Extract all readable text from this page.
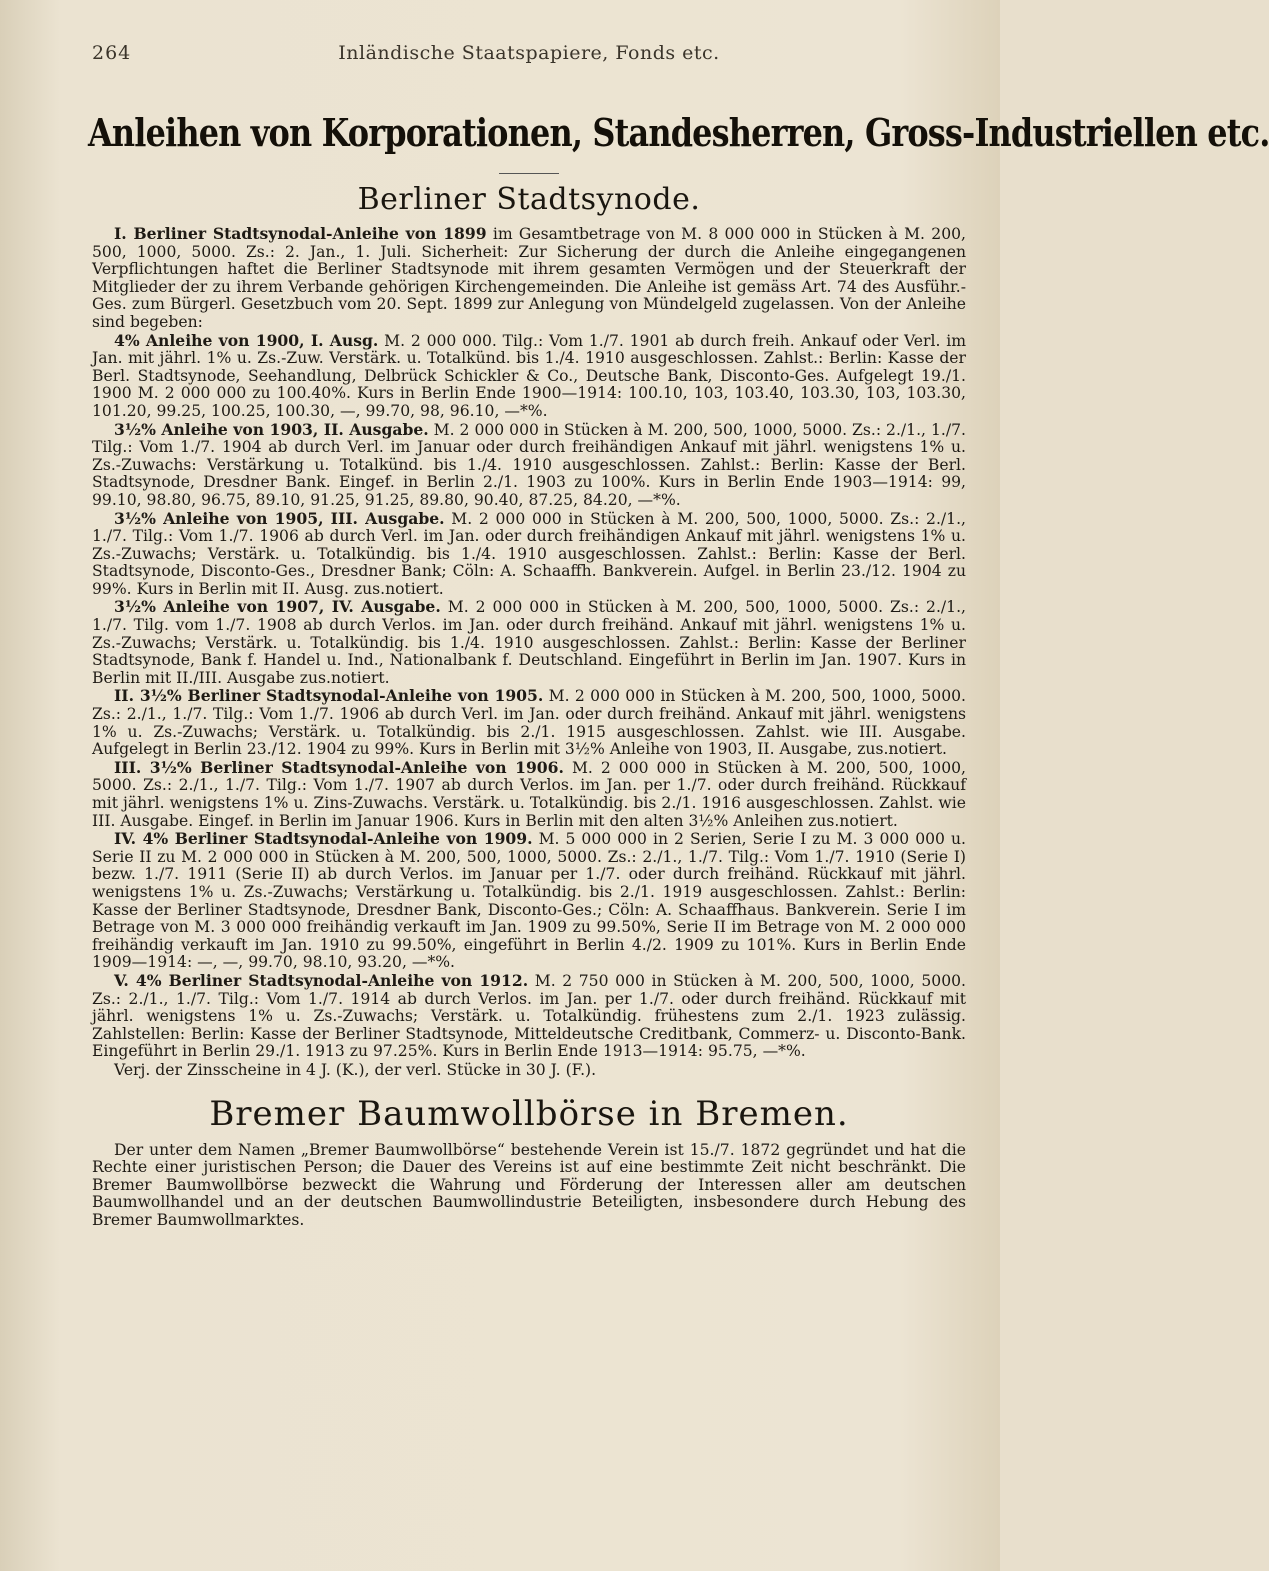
264	Inländische Staatspapiere, Fonds etc.
Anleihen von Korporationen, Standesherren, Gross-Industriellen etc.
Berliner Stadtsynode.

I. Berliner Stadtsynodal-Anleihe von 1899 im Gesamtbetrage von M. 8 000 000 in Stücken à M. 200, 500, 1000, 5000. Zs.: 2. Jan., 1. Juli. Sicherheit: Zur Sicherung der durch die Anleihe eingegangenen Verpflichtungen haftet die Berliner Stadtsynode mit ihrem gesamten Vermögen und der Steuerkraft der Mitglieder der zu ihrem Verbande gehörigen Kirchengemeinden. Die Anleihe ist gemäss Art. 74 des Ausführ.-Ges. zum Bürgerl. Gesetzbuch vom 20. Sept. 1899 zur Anlegung von Mündelgeld zugelassen. Von der Anleihe sind begeben:

4% Anleihe von 1900, I. Ausg. M. 2 000 000. Tilg.: Vom 1./7. 1901 ab durch freih. Ankauf oder Verl. im Jan. mit jährl. 1% u. Zs.-Zuw. Verstärk. u. Totalkünd. bis 1./4. 1910 ausgeschlossen. Zahlst.: Berlin: Kasse der Berl. Stadtsynode, Seehandlung, Delbrück Schickler & Co., Deutsche Bank, Disconto-Ges. Aufgelegt 19./1. 1900 M. 2 000 000 zu 100.40%. Kurs in Berlin Ende 1900—1914: 100.10, 103, 103.40, 103.30, 103, 103.30, 101.20, 99.25, 100.25, 100.30, —, 99.70, 98, 96.10, —*%.

3½% Anleihe von 1903, II. Ausgabe. M. 2 000 000 in Stücken à M. 200, 500, 1000, 5000. Zs.: 2./1., 1./7. Tilg.: Vom 1./7. 1904 ab durch Verl. im Januar oder durch freihändigen Ankauf mit jährl. wenigstens 1% u. Zs.-Zuwachs: Verstärkung u. Totalkünd. bis 1./4. 1910 ausgeschlossen. Zahlst.: Berlin: Kasse der Berl. Stadtsynode, Dresdner Bank. Eingef. in Berlin 2./1. 1903 zu 100%. Kurs in Berlin Ende 1903—1914: 99, 99.10, 98.80, 96.75, 89.10, 91.25, 91.25, 89.80, 90.40, 87.25, 84.20, —*%.

3½% Anleihe von 1905, III. Ausgabe. M. 2 000 000 in Stücken à M. 200, 500, 1000, 5000. Zs.: 2./1., 1./7. Tilg.: Vom 1./7. 1906 ab durch Verl. im Jan. oder durch freihändigen Ankauf mit jährl. wenigstens 1% u. Zs.-Zuwachs; Verstärk. u. Totalkündig. bis 1./4. 1910 ausgeschlossen. Zahlst.: Berlin: Kasse der Berl. Stadtsynode, Disconto-Ges., Dresdner Bank; Cöln: A. Schaaffh. Bankverein. Aufgel. in Berlin 23./12. 1904 zu 99%. Kurs in Berlin mit II. Ausg. zus.notiert.

3½% Anleihe von 1907, IV. Ausgabe. M. 2 000 000 in Stücken à M. 200, 500, 1000, 5000. Zs.: 2./1., 1./7. Tilg. vom 1./7. 1908 ab durch Verlos. im Jan. oder durch freihänd. Ankauf mit jährl. wenigstens 1% u. Zs.-Zuwachs; Verstärk. u. Totalkündig. bis 1./4. 1910 ausgeschlossen. Zahlst.: Berlin: Kasse der Berliner Stadtsynode, Bank f. Handel u. Ind., Nationalbank f. Deutschland. Eingeführt in Berlin im Jan. 1907. Kurs in Berlin mit II./III. Ausgabe zus.notiert.

II. 3½% Berliner Stadtsynodal-Anleihe von 1905. M. 2 000 000 in Stücken à M. 200, 500, 1000, 5000. Zs.: 2./1., 1./7. Tilg.: Vom 1./7. 1906 ab durch Verl. im Jan. oder durch freihänd. Ankauf mit jährl. wenigstens 1% u. Zs.-Zuwachs; Verstärk. u. Totalkündig. bis 2./1. 1915 ausgeschlossen. Zahlst. wie III. Ausgabe. Aufgelegt in Berlin 23./12. 1904 zu 99%. Kurs in Berlin mit 3½% Anleihe von 1903, II. Ausgabe, zus.notiert.

III. 3½% Berliner Stadtsynodal-Anleihe von 1906. M. 2 000 000 in Stücken à M. 200, 500, 1000, 5000. Zs.: 2./1., 1./7. Tilg.: Vom 1./7. 1907 ab durch Verlos. im Jan. per 1./7. oder durch freihänd. Rückkauf mit jährl. wenigstens 1% u. Zins-Zuwachs. Verstärk. u. Totalkündig. bis 2./1. 1916 ausgeschlossen. Zahlst. wie III. Ausgabe. Eingef. in Berlin im Januar 1906. Kurs in Berlin mit den alten 3½% Anleihen zus.notiert.

IV. 4% Berliner Stadtsynodal-Anleihe von 1909. M. 5 000 000 in 2 Serien, Serie I zu M. 3 000 000 u. Serie II zu M. 2 000 000 in Stücken à M. 200, 500, 1000, 5000. Zs.: 2./1., 1./7. Tilg.: Vom 1./7. 1910 (Serie I) bezw. 1./7. 1911 (Serie II) ab durch Verlos. im Januar per 1./7. oder durch freihänd. Rückkauf mit jährl. wenigstens 1% u. Zs.-Zuwachs; Verstärkung u. Totalkündig. bis 2./1. 1919 ausgeschlossen. Zahlst.: Berlin: Kasse der Berliner Stadtsynode, Dresdner Bank, Disconto-Ges.; Cöln: A. Schaaffhaus. Bankverein. Serie I im Betrage von M. 3 000 000 freihändig verkauft im Jan. 1909 zu 99.50%, Serie II im Betrage von M. 2 000 000 freihändig verkauft im Jan. 1910 zu 99.50%, eingeführt in Berlin 4./2. 1909 zu 101%. Kurs in Berlin Ende 1909—1914: —, —, 99.70, 98.10, 93.20, —*%.

V. 4% Berliner Stadtsynodal-Anleihe von 1912. M. 2 750 000 in Stücken à M. 200, 500, 1000, 5000. Zs.: 2./1., 1./7. Tilg.: Vom 1./7. 1914 ab durch Verlos. im Jan. per 1./7. oder durch freihänd. Rückkauf mit jährl. wenigstens 1% u. Zs.-Zuwachs; Verstärk. u. Totalkündig. frühestens zum 2./1. 1923 zulässig. Zahlstellen: Berlin: Kasse der Berliner Stadtsynode, Mitteldeutsche Creditbank, Commerz- u. Disconto-Bank. Eingeführt in Berlin 29./1. 1913 zu 97.25%. Kurs in Berlin Ende 1913—1914: 95.75, —*%.

Verj. der Zinsscheine in 4 J. (K.), der verl. Stücke in 30 J. (F.).

Bremer Baumwollbörse in Bremen.

Der unter dem Namen „Bremer Baumwollbörse“ bestehende Verein ist 15./7. 1872 gegründet und hat die Rechte einer juristischen Person; die Dauer des Vereins ist auf eine bestimmte Zeit nicht beschränkt. Die Bremer Baumwollbörse bezweckt die Wahrung und Förderung der Interessen aller am deutschen Baumwollhandel und an der deutschen Baumwollindustrie Beteiligten, insbesondere durch Hebung des Bremer Baumwollmarktes.
